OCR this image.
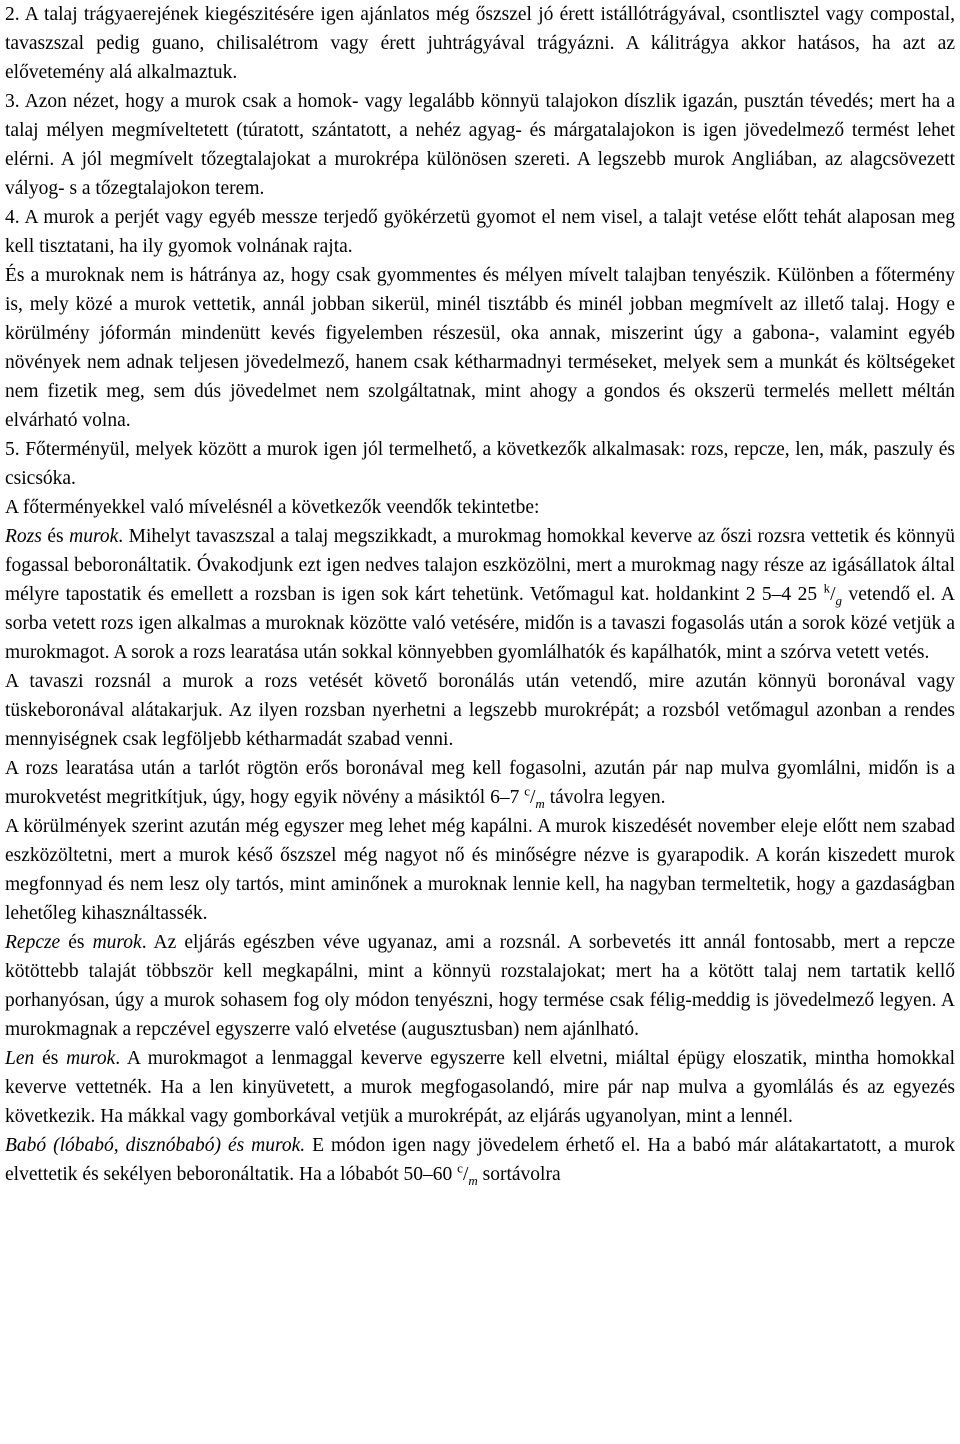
2. A talaj trágyaerejének kiegészitésére igen ajánlatos még őszszel jó érett istállótrágyával, csontlisztel vagy compostal, tavaszszal pedig guano, chilisalétrom vagy érett juhtrágyával trágyázni. A kálitrágya akkor hatásos, ha azt az elővetemény alá alkalmaztuk.

3. Azon nézet, hogy a murok csak a homok- vagy legalább könnyü talajokon díszlik igazán, pusztán tévedés; mert ha a talaj mélyen megmíveltetett (túratott, szántatott, a nehéz agyag- és márgatalajokon is igen jövedelmező termést lehet elérni. A jól megmívelt tőzegtalajokat a murokrépa különösen szereti. A legszebb murok Angliában, az alagcsövezett vályog- s a tőzegtalajokon terem.

4. A murok a perjét vagy egyéb messze terjedő gyökérzetü gyomot el nem visel, a talajt vetése előtt tehát alaposan meg kell tisztatani, ha ily gyomok volnának rajta.

És a muroknak nem is hátránya az, hogy csak gyommentes és mélyen mívelt talajban tenyészik. Különben a főtermény is, mely közé a murok vettetik, annál jobban sikerül, minél tisztább és minél jobban megmívelt az illető talaj. Hogy e körülmény jóformán mindenütt kevés figyelemben részesül, oka annak, miszerint úgy a gabona-, valamint egyéb növények nem adnak teljesen jövedelmező, hanem csak kétharmadnyi terméseket, melyek sem a munkát és költségeket nem fizetik meg, sem dús jövedelmet nem szolgáltatnak, mint ahogy a gondos és okszerü termelés mellett méltán elvárható volna.

5. Főterményül, melyek között a murok igen jól termelhető, a következők alkalmasak: rozs, repcze, len, mák, paszuly és csicsóka.

A főterményekkel való mívelésnél a következők veendők tekintetbe:

Rozs és murok. Mihelyt tavaszszal a talaj megszikkadt, a murokmag homokkal keverve az őszi rozsra vettetik és könnyü fogassal beboronáltatik. Óvakodjunk ezt igen nedves talajon eszközölni, mert a murokmag nagy része az igásállatok által mélyre tapostatik és emellett a rozsban is igen sok kárt tehetünk. Vetőmagul kat. holdankint 2 5–4 25 $^k/_g$ vetendő el. A sorba vetett rozs igen alkalmas a muroknak közötte való vetésére, midőn is a tavaszi fogasolás után a sorok közé vetjük a murokmagot. A sorok a rozs learatása után sokkal könnyebben gyomlálhatók és kapálhatók, mint a szórva vetett vetés.

A tavaszi rozsnál a murok a rozs vetését követő boronálás után vetendő, mire azután könnyü boronával vagy tüskeboronával alátakarjuk. Az ilyen rozsban nyerhetni a legszebb murokrépát; a rozsból vetőmagul azonban a rendes mennyiségnek csak legföljebb kétharmadát szabad venni.

A rozs learatása után a tarlót rögtön erős boronával meg kell fogasolni, azután pár nap mulva gyomlálni, midőn is a murokvetést megritkítjuk, úgy, hogy egyik növény a másiktól 6–7 $^c/_m$ távolra legyen.

A körülmények szerint azután még egyszer meg lehet még kapálni. A murok kiszedését november eleje előtt nem szabad eszközöltetni, mert a murok késő őszszel még nagyot nő és minőségre nézve is gyarapodik. A korán kiszedett murok megfonnyad és nem lesz oly tartós, mint aminőnek a muroknak lennie kell, ha nagyban termeltetik, hogy a gazdaságban lehetőleg kihasználtassék.

Repcze és murok. Az eljárás egészben véve ugyanaz, ami a rozsnál. A sorbevetés itt annál fontosabb, mert a repcze kötöttebb talaját többször kell megkapálni, mint a könnyü rozstalajokat; mert ha a kötött talaj nem tartatik kellő porhanyósan, úgy a murok sohasem fog oly módon tenyészni, hogy termése csak félig-meddig is jövedelmező legyen. A murokmagnak a repczével egyszerre való elvetése (augusztusban) nem ajánlható.

Len és murok. A murokmagot a lenmaggal keverve egyszerre kell elvetni, miáltal épügy eloszatik, mintha homokkal keverve vettetnék. Ha a len kinyüvetett, a murok megfogasolandó, mire pár nap mulva a gyomlálás és az egyezés következik. Ha mákkal vagy gomborkával vetjük a murokrépát, az eljárás ugyanolyan, mint a lennél.

Babó (lóbabó, disznóbabó) és murok. E módon igen nagy jövedelem érhető el. Ha a babó már alátakartatott, a murok elvettetik és sekélyen beboronáltatik. Ha a lóbabót 50–60 $^c/_m$ sortávolra
